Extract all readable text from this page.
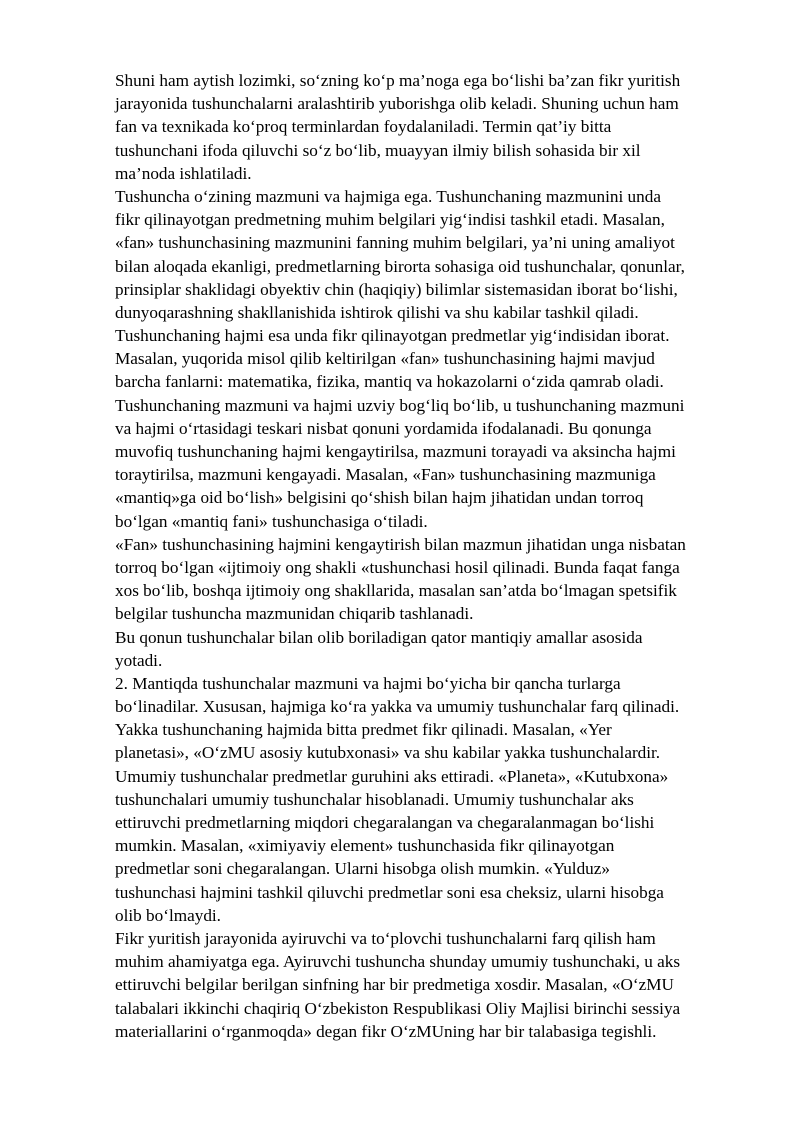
Shuni ham aytish lozimki, so‘zning ko‘p ma’noga ega bo‘lishi ba’zan fikr yuritish
jarayonida tushunchalarni aralashtirib yuborishga olib keladi. Shuning uchun ham
fan va texnikada ko‘proq terminlardan foydalaniladi. Termin qat’iy bitta
tushunchani ifoda qiluvchi so‘z bo‘lib, muayyan ilmiy bilish sohasida bir xil
ma’noda ishlatiladi.
Tushuncha o‘zining mazmuni va hajmiga ega. Tushunchaning mazmunini unda
fikr qilinayotgan predmetning muhim belgilari yig‘indisi tashkil etadi. Masalan,
«fan» tushunchasining mazmunini fanning muhim belgilari, ya’ni uning amaliyot
bilan aloqada ekanligi, predmetlarning birorta sohasiga oid tushunchalar, qonunlar,
prinsiplar shaklidagi obyektiv chin (haqiqiy) bilimlar sistemasidan iborat bo‘lishi,
dunyoqarashning shakllanishida ishtirok qilishi va shu kabilar tashkil qiladi.
Tushunchaning hajmi esa unda fikr qilinayotgan predmetlar yig‘indisidan iborat.
Masalan, yuqorida misol qilib keltirilgan «fan» tushunchasining hajmi mavjud
barcha fanlarni: matematika, fizika, mantiq va hokazolarni o‘zida qamrab oladi.
Tushunchaning mazmuni va hajmi uzviy bog‘liq bo‘lib, u tushunchaning mazmuni
va hajmi o‘rtasidagi teskari nisbat qonuni yordamida ifodalanadi. Bu qonunga
muvofiq tushunchaning hajmi kengaytirilsa, mazmuni torayadi va aksincha hajmi
toraytirilsa, mazmuni kengayadi. Masalan, «Fan» tushunchasining mazmuniga
«mantiq»ga oid bo‘lish» belgisini qo‘shish bilan hajm jihatidan undan torroq
bo‘lgan «mantiq fani» tushunchasiga o‘tiladi.
«Fan» tushunchasining hajmini kengaytirish bilan mazmun jihatidan unga nisbatan
torroq bo‘lgan «ijtimoiy ong shakli «tushunchasi hosil qilinadi. Bunda faqat fanga
xos bo‘lib, boshqa ijtimoiy ong shakllarida, masalan san’atda bo‘lmagan spetsifik
belgilar tushuncha mazmunidan chiqarib tashlanadi.
Bu qonun tushunchalar bilan olib boriladigan qator mantiqiy amallar asosida
yotadi.
2. Mantiqda tushunchalar mazmuni va hajmi bo‘yicha bir qancha turlarga
bo‘linadilar. Xususan, hajmiga ko‘ra yakka va umumiy tushunchalar farq qilinadi.
Yakka tushunchaning hajmida bitta predmet fikr qilinadi. Masalan, «Yer
planetasi», «O‘zMU asosiy kutubxonasi» va shu kabilar yakka tushunchalardir.
Umumiy tushunchalar predmetlar guruhini aks ettiradi. «Planeta», «Kutubxona»
tushunchalari umumiy tushunchalar hisoblanadi. Umumiy tushunchalar aks
ettiruvchi predmetlarning miqdori chegaralangan va chegaralanmagan bo‘lishi
mumkin. Masalan, «ximiyaviy element» tushunchasida fikr qilinayotgan
predmetlar soni chegaralangan. Ularni hisobga olish mumkin. «Yulduz»
tushunchasi hajmini tashkil qiluvchi predmetlar soni esa cheksiz, ularni hisobga
olib bo‘lmaydi.
Fikr yuritish jarayonida ayiruvchi va to‘plovchi tushunchalarni farq qilish ham
muhim ahamiyatga ega. Ayiruvchi tushuncha shunday umumiy tushunchaki, u aks
ettiruvchi belgilar berilgan sinfning har bir predmetiga xosdir. Masalan, «O‘zMU
talabalari ikkinchi chaqiriq O‘zbekiston Respublikasi Oliy Majlisi birinchi sessiya
materiallarini o‘rganmoqda» degan fikr O‘zMUning har bir talabasiga tegishli.
